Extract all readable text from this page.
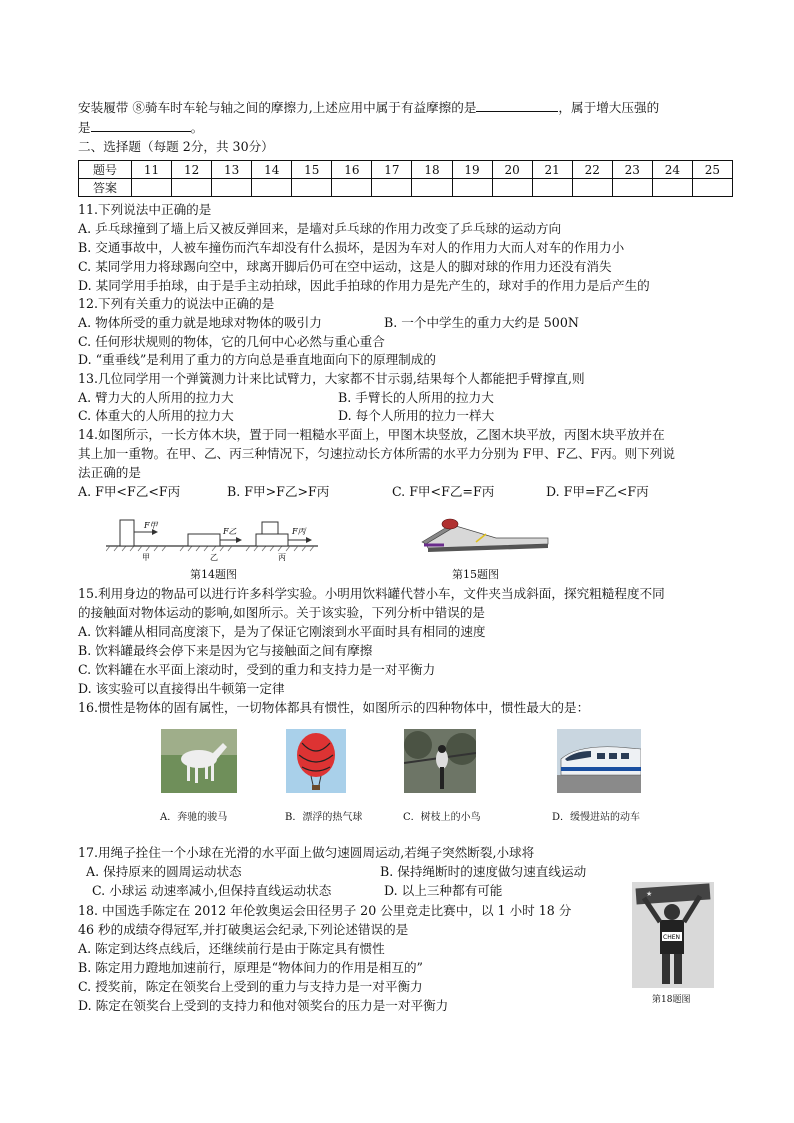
安装履带 ⑧骑车时车轮与轴之间的摩擦力,上述应用中属于有益摩擦的是	，属于增大压强的
是	。
二、选择题（每题 2分，共 30分）
题号	11	12	13	14	15	16	17	18	19	20	21	22	23	24	25
答案															
11.下列说法中正确的是
A. 乒乓球撞到了墙上后又被反弹回来，是墙对乒乓球的作用力改变了乒乓球的运动方向
B. 交通事故中，人被车撞伤而汽车却没有什么损坏，是因为车对人的作用力大而人对车的作用力小
C. 某同学用力将球踢向空中，球离开脚后仍可在空中运动，这是人的脚对球的作用力还没有消失
D. 某同学用手拍球，由于是手主动拍球，因此手拍球的作用力是先产生的，球对手的作用力是后产生的
12.下列有关重力的说法中正确的是
A. 物体所受的重力就是地球对物体的吸引力	B. 一个中学生的重力大约是 500N
C. 任何形状规则的物体，它的几何中心必然与重心重合
D. “重垂线”是利用了重力的方向总是垂直地面向下的原理制成的
13.几位同学用一个弹簧测力计来比试臂力，大家都不甘示弱,结果每个人都能把手臂撑直,则
A. 臂力大的人所用的拉力大	B. 手臂长的人所用的拉力大
C. 体重大的人所用的拉力大	D. 每个人所用的拉力一样大
14.如图所示，一长方体木块，置于同一粗糙水平面上，甲图木块竖放，乙图木块平放，丙图木块平放并在
其上加一重物。在甲、乙、丙三种情况下，匀速拉动长方体所需的水平力分别为 F甲、F乙、F丙。则下列说
法正确的是
A. F甲<F乙<F丙	B. F甲>F乙>F丙	C. F甲<F乙=F丙	D. F甲=F乙<F丙
F甲
F乙	F丙
甲	乙	丙
第14题图	第15题图
15.利用身边的物品可以进行许多科学实验。小明用饮料罐代替小车，文件夹当成斜面，探究粗糙程度不同
的接触面对物体运动的影响,如图所示。关于该实验，下列分析中错误的是
A. 饮料罐从相同高度滚下，是为了保证它刚滚到水平面时具有相同的速度
B. 饮料罐最终会停下来是因为它与接触面之间有摩擦
C. 饮料罐在水平面上滚动时，受到的重力和支持力是一对平衡力
D. 该实验可以直接得出牛顿第一定律
16.惯性是物体的固有属性，一切物体都具有惯性，如图所示的四种物体中，惯性最大的是：
A．奔驰的骏马	B．漂浮的热气球	C．树枝上的小鸟	D．缓慢进站的动车
17.用绳子拴住一个小球在光滑的水平面上做匀速圆周运动,若绳子突然断裂,小球将
A. 保持原来的圆周运动状态	B. 保持绳断时的速度做匀速直线运动
C. 小球运 动速率减小,但保持直线运动状态	D. 以上三种都有可能
18. 中国选手陈定在 2012 年伦敦奥运会田径男子 20 公里竞走比赛中，以 1 小时 18 分
46 秒的成绩夺得冠军,并打破奥运会纪录,下列论述错误的是
A. 陈定到达终点线后，还继续前行是由于陈定具有惯性
B. 陈定用力蹬地加速前行，原理是“物体间力的作用是相互的”
C. 授奖前，陈定在领奖台上受到的重力与支持力是一对平衡力
D. 陈定在领奖台上受到的支持力和他对领奖台的压力是一对平衡力
★
CHEN
第18题图
